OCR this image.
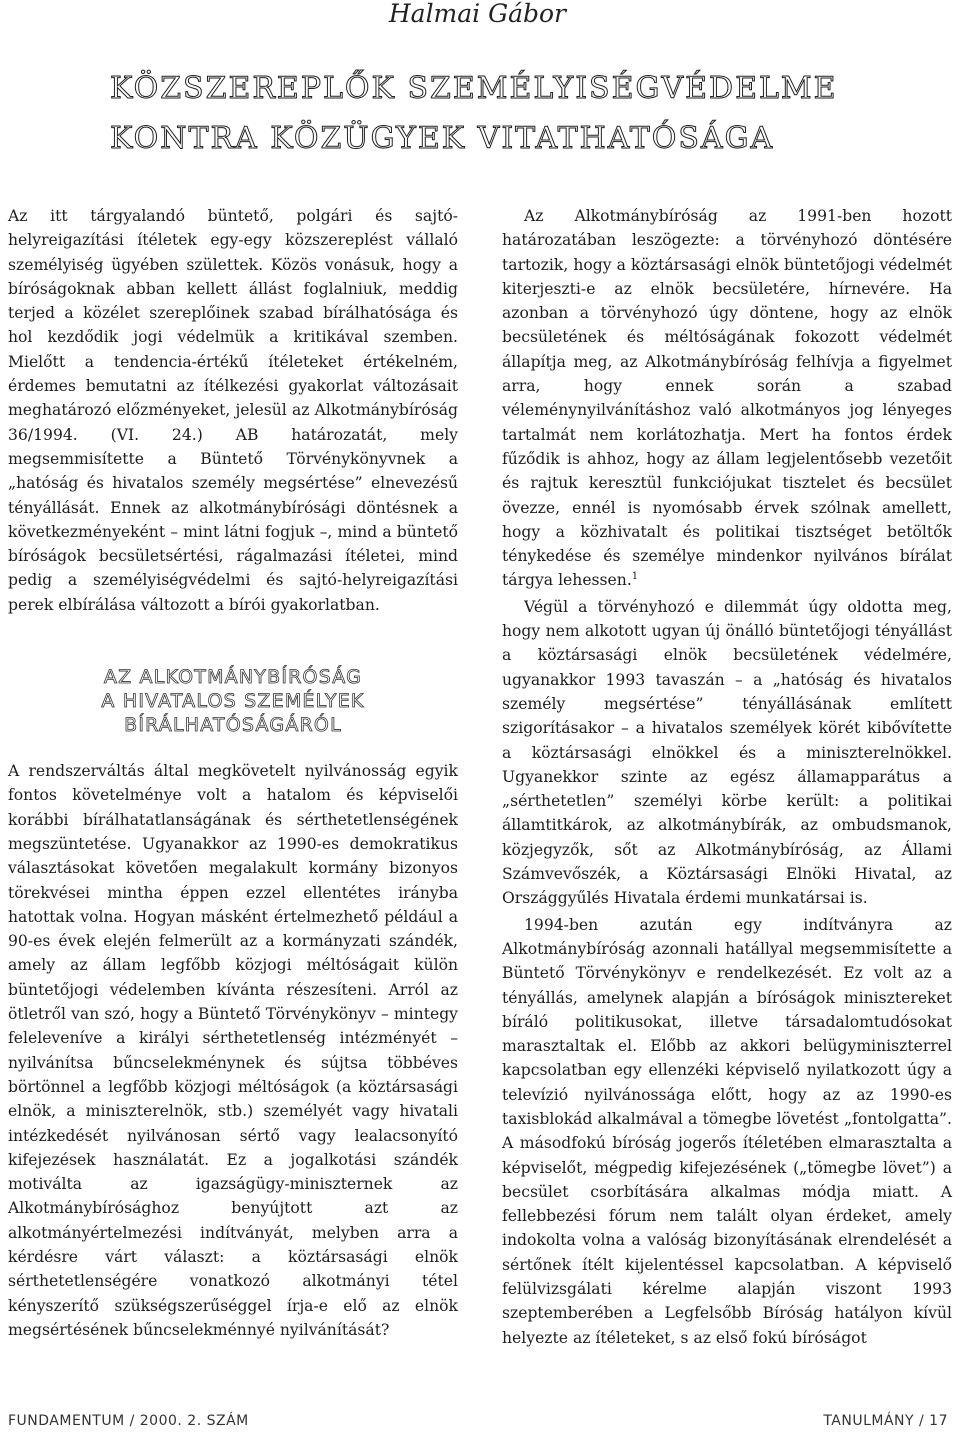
Halmai Gábor
KÖZSZEREPLŐK SZEMÉLYISÉGVÉDELME
KONTRA KÖZÜGYEK VITATHATÓSÁGA

Az itt tárgyalandó büntető, polgári és sajtó-helyreigazítási ítéletek egy-egy közszereplést vállaló személyiség ügyében születtek. Közös vonásuk, hogy a bíróságoknak abban kellett állást foglalniuk, meddig terjed a közélet szereplőinek szabad bírálhatósága és hol kezdődik jogi védelmük a kritikával szemben. Mielőtt a tendencia-értékű ítéleteket értékelném, érdemes bemutatni az ítélkezési gyakorlat változásait meghatározó előzményeket, jelesül az Alkotmánybíróság 36/1994. (VI. 24.) AB határozatát, mely megsemmisítette a Büntető Törvénykönyvnek a „hatóság és hivatalos személy megsértése” elnevezésű tényállását. Ennek az alkotmánybírósági döntésnek a következményeként – mint látni fogjuk –, mind a büntető bíróságok becsületsértési, rágalmazási ítéletei, mind pedig a személyiségvédelmi és sajtó-helyreigazítási perek elbírálása változott a bírói gyakorlatban.

AZ ALKOTMÁNYBÍRÓSÁG
A HIVATALOS SZEMÉLYEK
BÍRÁLHATÓSÁGÁRÓL

A rendszerváltás által megkövetelt nyilvánosság egyik fontos követelménye volt a hatalom és képviselői korábbi bírálhatatlanságának és sérthetetlenségének megszüntetése. Ugyanakkor az 1990-es demokratikus választásokat követően megalakult kormány bizonyos törekvései mintha éppen ezzel ellentétes irányba hatottak volna. Hogyan másként értelmezhető például a 90-es évek elején felmerült az a kormányzati szándék, amely az állam legfőbb közjogi méltóságait külön büntetőjogi védelemben kívánta részesíteni. Arról az ötletről van szó, hogy a Büntető Törvénykönyv – mintegy feleleveníve a királyi sérthetetlenség intézményét – nyilvánítsa bűncselekménynek és sújtsa többéves börtönnel a legfőbb közjogi méltóságok (a köztársasági elnök, a miniszterelnök, stb.) személyét vagy hivatali intézkedését nyilvánosan sértő vagy lealacsonyító kifejezések használatát. Ez a jogalkotási szándék motiválta az igazságügy-miniszternek az Alkotmánybírósághoz benyújtott azt az alkotmányértelmezési indítványát, melyben arra a kérdésre várt választ: a köztársasági elnök sérthetetlenségére vonatkozó alkotmányi tétel kényszerítő szükségszerűséggel írja-e elő az elnök megsértésének bűncselekménnyé nyilvánítását?

Az Alkotmánybíróság az 1991-ben hozott határozatában leszögezte: a törvényhozó döntésére tartozik, hogy a köztársasági elnök büntetőjogi védelmét kiterjeszti-e az elnök becsületére, hírnevére. Ha azonban a törvényhozó úgy döntene, hogy az elnök becsületének és méltóságának fokozott védelmét állapítja meg, az Alkotmánybíróság felhívja a figyelmet arra, hogy ennek során a szabad véleménynyilvánításhoz való alkotmányos jog lényeges tartalmát nem korlátozhatja. Mert ha fontos érdek fűződik is ahhoz, hogy az állam legjelentősebb vezetőit és rajtuk keresztül funkciójukat tisztelet és becsület övezze, ennél is nyomósabb érvek szólnak amellett, hogy a közhivatalt és politikai tisztséget betöltők ténykedése és személye mindenkor nyilvános bírálat tárgya lehessen.$^1$

Végül a törvényhozó e dilemmát úgy oldotta meg, hogy nem alkotott ugyan új önálló büntetőjogi tényállást a köztársasági elnök becsületének védelmére, ugyanakkor 1993 tavaszán – a „hatóság és hivatalos személy megsértése” tényállásának említett szigorításakor – a hivatalos személyek körét kibővítette a köztársasági elnökkel és a miniszterelnökkel. Ugyanekkor szinte az egész államapparátus a „sérthetetlen” személyi körbe került: a politikai államtitkárok, az alkotmánybírák, az ombudsmanok, közjegyzők, sőt az Alkotmánybíróság, az Állami Számvevőszék, a Köztársasági Elnöki Hivatal, az Országgyűlés Hivatala érdemi munkatársai is.

1994-ben azután egy indítványra az Alkotmánybíróság azonnali hatállyal megsemmisítette a Büntető Törvénykönyv e rendelkezését. Ez volt az a tényállás, amelynek alapján a bíróságok minisztereket bíráló politikusokat, illetve társadalomtudósokat marasztaltak el. Előbb az akkori belügyminiszterrel kapcsolatban egy ellenzéki képviselő nyilatkozott úgy a televízió nyilvánossága előtt, hogy az az 1990-es taxisblokád alkalmával a tömegbe lövetést „fontolgatta”. A másodfokú bíróság jogerős ítéletében elmarasztalta a képviselőt, mégpedig kifejezésének („tömegbe lövet”) a becsület csorbítására alkalmas módja miatt. A fellebbezési fórum nem talált olyan érdeket, amely indokolta volna a valóság bizonyításának elrendelését a sértőnek ítélt kijelentéssel kapcsolatban. A képviselő felülvizsgálati kérelme alapján viszont 1993 szeptemberében a Legfelsőbb Bíróság hatályon kívül helyezte az ítéleteket, s az első fokú bíróságot

FUNDAMENTUM / 2000. 2. SZÁM	TANULMÁNY / 17
